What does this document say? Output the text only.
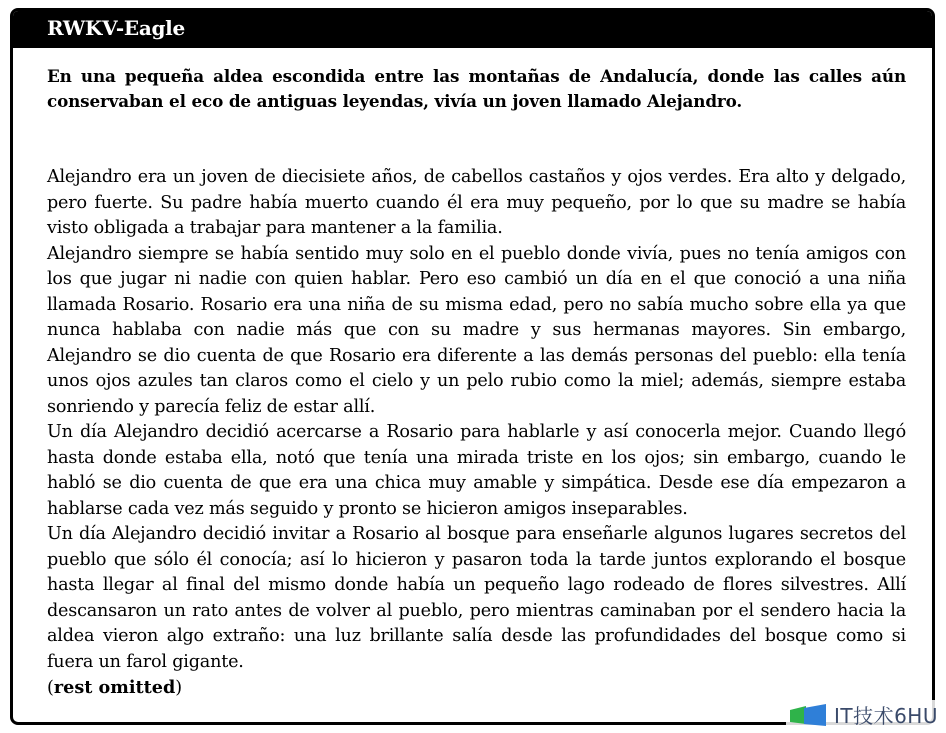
RWKV-Eagle

En una pequeña aldea escondida entre las montañas de Andalucía, donde las calles aún conservaban el eco de antiguas leyendas, vivía un joven llamado Alejandro.

Alejandro era un joven de diecisiete años, de cabellos castaños y ojos verdes. Era alto y delgado, pero fuerte. Su padre había muerto cuando él era muy pequeño, por lo que su madre se había visto obligada a trabajar para mantener a la familia.

Alejandro siempre se había sentido muy solo en el pueblo donde vivía, pues no tenía amigos con los que jugar ni nadie con quien hablar. Pero eso cambió un día en el que conoció a una niña llamada Rosario. Rosario era una niña de su misma edad, pero no sabía mucho sobre ella ya que nunca hablaba con nadie más que con su madre y sus hermanas mayores. Sin embargo, Alejandro se dio cuenta de que Rosario era diferente a las demás personas del pueblo: ella tenía unos ojos azules tan claros como el cielo y un pelo rubio como la miel; además, siempre estaba sonriendo y parecía feliz de estar allí.

Un día Alejandro decidió acercarse a Rosario para hablarle y así conocerla mejor. Cuando llegó hasta donde estaba ella, notó que tenía una mirada triste en los ojos; sin embargo, cuando le habló se dio cuenta de que era una chica muy amable y simpática. Desde ese día empezaron a hablarse cada vez más seguido y pronto se hicieron amigos inseparables.

Un día Alejandro decidió invitar a Rosario al bosque para enseñarle algunos lugares secretos del pueblo que sólo él conocía; así lo hicieron y pasaron toda la tarde juntos explorando el bosque hasta llegar al final del mismo donde había un pequeño lago rodeado de flores silvestres. Allí descansaron un rato antes de volver al pueblo, pero mientras caminaban por el sendero hacia la aldea vieron algo extraño: una luz brillante salía desde las profundidades del bosque como si fuera un farol gigante.

(rest omitted)

IT技术6HU
